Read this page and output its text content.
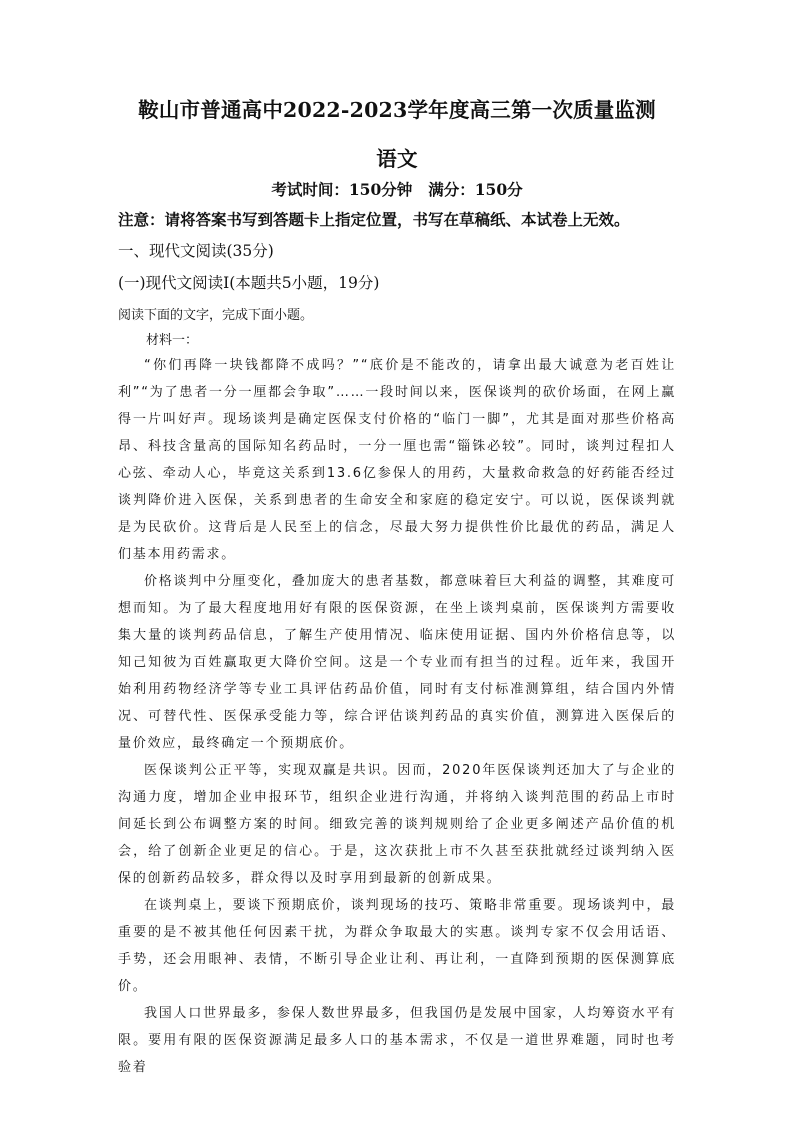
鞍山市普通高中2022-2023学年度高三第一次质量监测
语文
考试时间：150分钟 满分：150分
注意：请将答案书写到答题卡上指定位置，书写在草稿纸、本试卷上无效。
一、现代文阅读(35分)
(一)现代文阅读Ⅰ(本题共5小题，19分)
阅读下面的文字，完成下面小题。
材料一：

“你们再降一块钱都降不成吗？”“底价是不能改的，请拿出最大诚意为老百姓让利”“为了患者一分一厘都会争取”……一段时间以来，医保谈判的砍价场面，在网上赢得一片叫好声。现场谈判是确定医保支付价格的“临门一脚”，尤其是面对那些价格高昂、科技含量高的国际知名药品时，一分一厘也需“锱铢必较”。同时，谈判过程扣人心弦、牵动人心，毕竟这关系到13.6亿参保人的用药，大量救命救急的好药能否经过谈判降价进入医保，关系到患者的生命安全和家庭的稳定安宁。可以说，医保谈判就是为民砍价。这背后是人民至上的信念，尽最大努力提供性价比最优的药品，满足人们基本用药需求。

价格谈判中分厘变化，叠加庞大的患者基数，都意味着巨大利益的调整，其难度可想而知。为了最大程度地用好有限的医保资源，在坐上谈判桌前，医保谈判方需要收集大量的谈判药品信息，了解生产使用情况、临床使用证据、国内外价格信息等，以知己知彼为百姓赢取更大降价空间。这是一个专业而有担当的过程。近年来，我国开始利用药物经济学等专业工具评估药品价值，同时有支付标准测算组，结合国内外情况、可替代性、医保承受能力等，综合评估谈判药品的真实价值，测算进入医保后的量价效应，最终确定一个预期底价。

医保谈判公正平等，实现双赢是共识。因而，2020年医保谈判还加大了与企业的沟通力度，增加企业申报环节，组织企业进行沟通，并将纳入谈判范围的药品上市时间延长到公布调整方案的时间。细致完善的谈判规则给了企业更多阐述产品价值的机会，给了创新企业更足的信心。于是，这次获批上市不久甚至获批就经过谈判纳入医保的创新药品较多，群众得以及时享用到最新的创新成果。

在谈判桌上，要谈下预期底价，谈判现场的技巧、策略非常重要。现场谈判中，最重要的是不被其他任何因素干扰，为群众争取最大的实惠。谈判专家不仅会用话语、手势，还会用眼神、表情，不断引导企业让利、再让利，一直降到预期的医保测算底价。

我国人口世界最多，参保人数世界最多，但我国仍是发展中国家，人均筹资水平有限。要用有限的医保资源满足最多人口的基本需求，不仅是一道世界难题，同时也考验着
